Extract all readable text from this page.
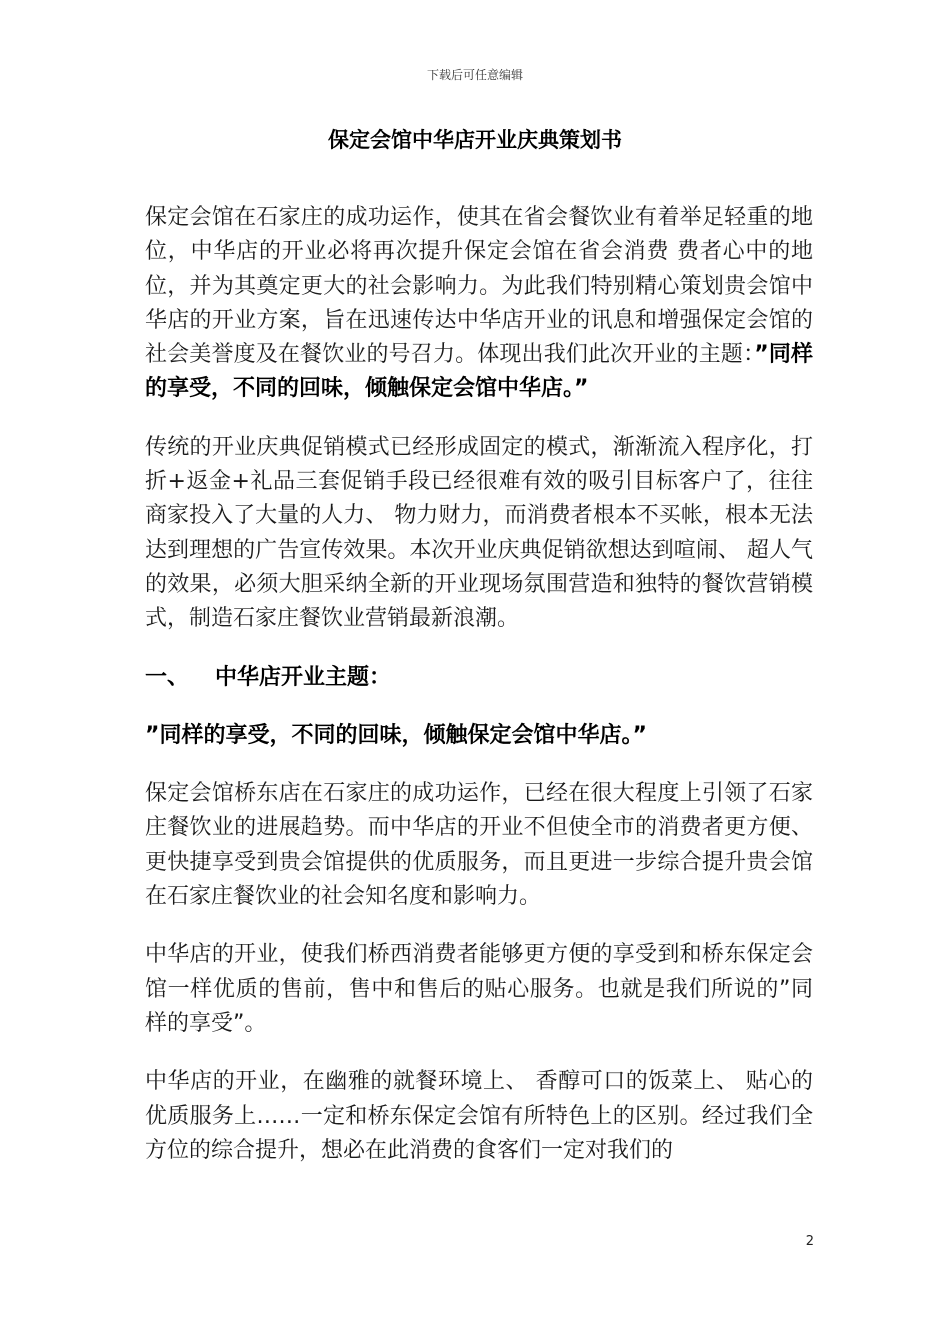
下载后可任意编辑
保定会馆中华店开业庆典策划书

保定会馆在石家庄的成功运作，使其在省会餐饮业有着举足轻重的地位，中华店的开业必将再次提升保定会馆在省会消费 费者心中的地位，并为其奠定更大的社会影响力。为此我们特别精心策划贵会馆中华店的开业方案，旨在迅速传达中华店开业的讯息和增强保定会馆的社会美誉度及在餐饮业的号召力。体现出我们此次开业的主题：”同样的享受，不同的回味，倾触保定会馆中华店。”

传统的开业庆典促销模式已经形成固定的模式，渐渐流入程序化，打折+返金+礼品三套促销手段已经很难有效的吸引目标客户了，往往商家投入了大量的人力、 物力财力，而消费者根本不买帐，根本无法达到理想的广告宣传效果。本次开业庆典促销欲想达到喧闹、 超人气的效果，必须大胆采纳全新的开业现场氛围营造和独特的餐饮营销模式，制造石家庄餐饮业营销最新浪潮。

一、 中华店开业主题：
”同样的享受，不同的回味，倾触保定会馆中华店。”

保定会馆桥东店在石家庄的成功运作，已经在很大程度上引领了石家庄餐饮业的进展趋势。而中华店的开业不但使全市的消费者更方便、 更快捷享受到贵会馆提供的优质服务，而且更进一步综合提升贵会馆在石家庄餐饮业的社会知名度和影响力。

中华店的开业，使我们桥西消费者能够更方便的享受到和桥东保定会馆一样优质的售前，售中和售后的贴心服务。也就是我们所说的”同样的享受”。

中华店的开业，在幽雅的就餐环境上、 香醇可口的饭菜上、 贴心的优质服务上……一定和桥东保定会馆有所特色上的区别。经过我们全方位的综合提升，想必在此消费的食客们一定对我们的

2
